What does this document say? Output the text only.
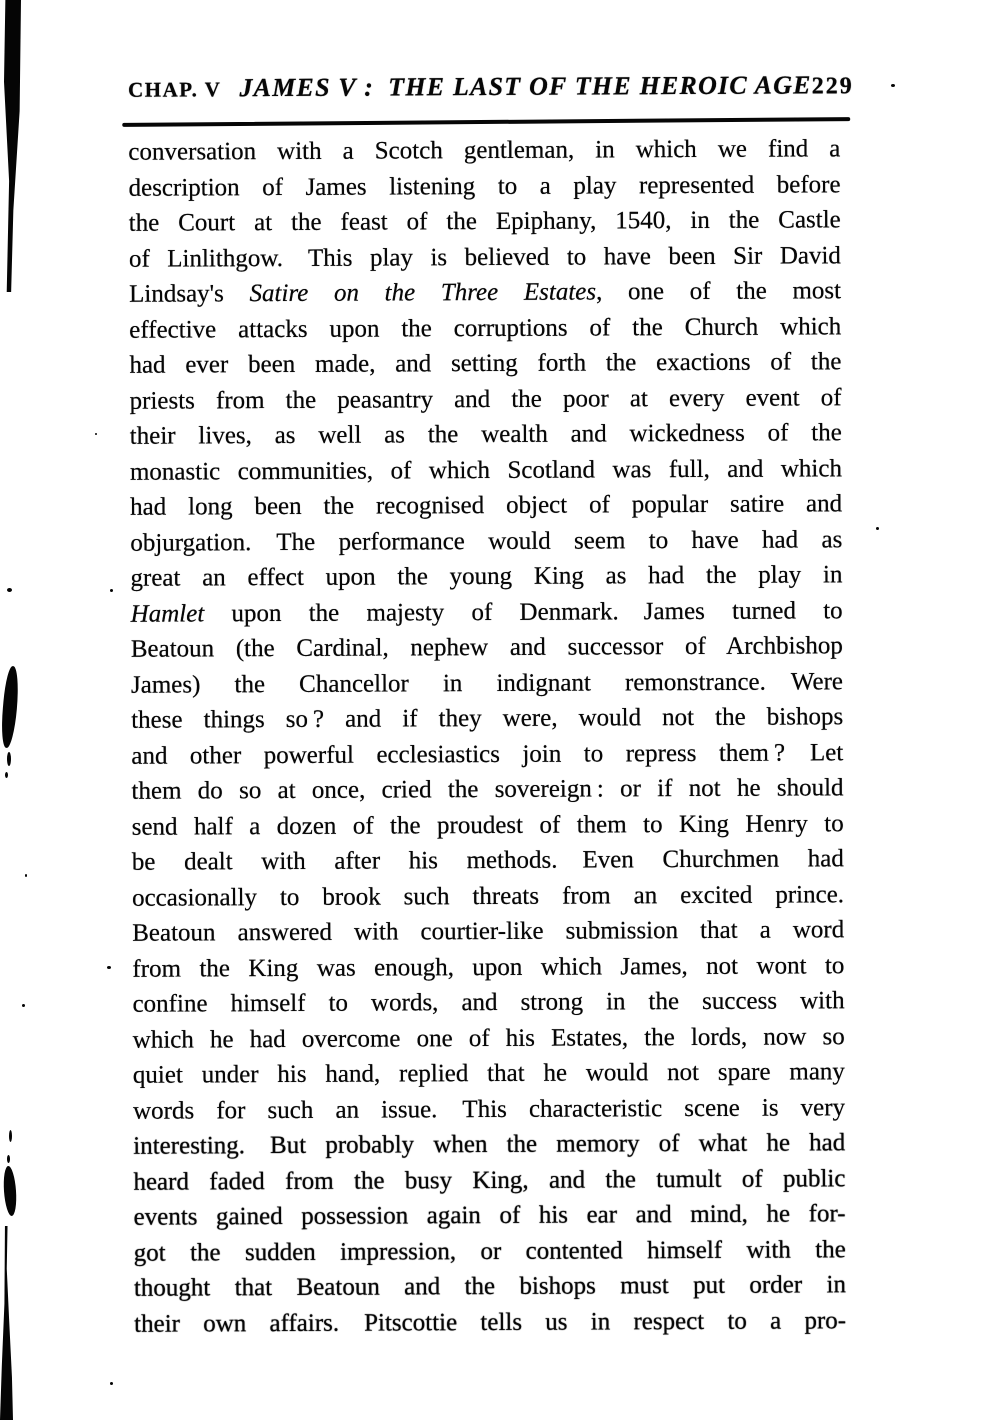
CHAP. V JAMES V : THE LAST OF THE HEROIC AGE 229
conversation with a Scotch gentleman, in which we find a
description of James listening to a play represented before
the Court at the feast of the Epiphany, 1540, in the Castle
of Linlithgow. This play is believed to have been Sir David
Lindsay's Satire on the Three Estates, one of the most
effective attacks upon the corruptions of the Church which
had ever been made, and setting forth the exactions of the
priests from the peasantry and the poor at every event of
their lives, as well as the wealth and wickedness of the
monastic communities, of which Scotland was full, and which
had long been the recognised object of popular satire and
objurgation. The performance would seem to have had as
great an effect upon the young King as had the play in
Hamlet upon the majesty of Denmark. James turned to
Beatoun (the Cardinal, nephew and successor of Archbishop
James) the Chancellor in indignant remonstrance. Were
these things so ? and if they were, would not the bishops
and other powerful ecclesiastics join to repress them ? Let
them do so at once, cried the sovereign : or if not he should
send half a dozen of the proudest of them to King Henry to
be dealt with after his methods. Even Churchmen had
occasionally to brook such threats from an excited prince.
Beatoun answered with courtier-like submission that a word
from the King was enough, upon which James, not wont to
confine himself to words, and strong in the success with
which he had overcome one of his Estates, the lords, now so
quiet under his hand, replied that he would not spare many
words for such an issue. This characteristic scene is very
interesting. But probably when the memory of what he had
heard faded from the busy King, and the tumult of public
events gained possession again of his ear and mind, he for-
got the sudden impression, or contented himself with the
thought that Beatoun and the bishops must put order in
their own affairs. Pitscottie tells us in respect to a pro-
